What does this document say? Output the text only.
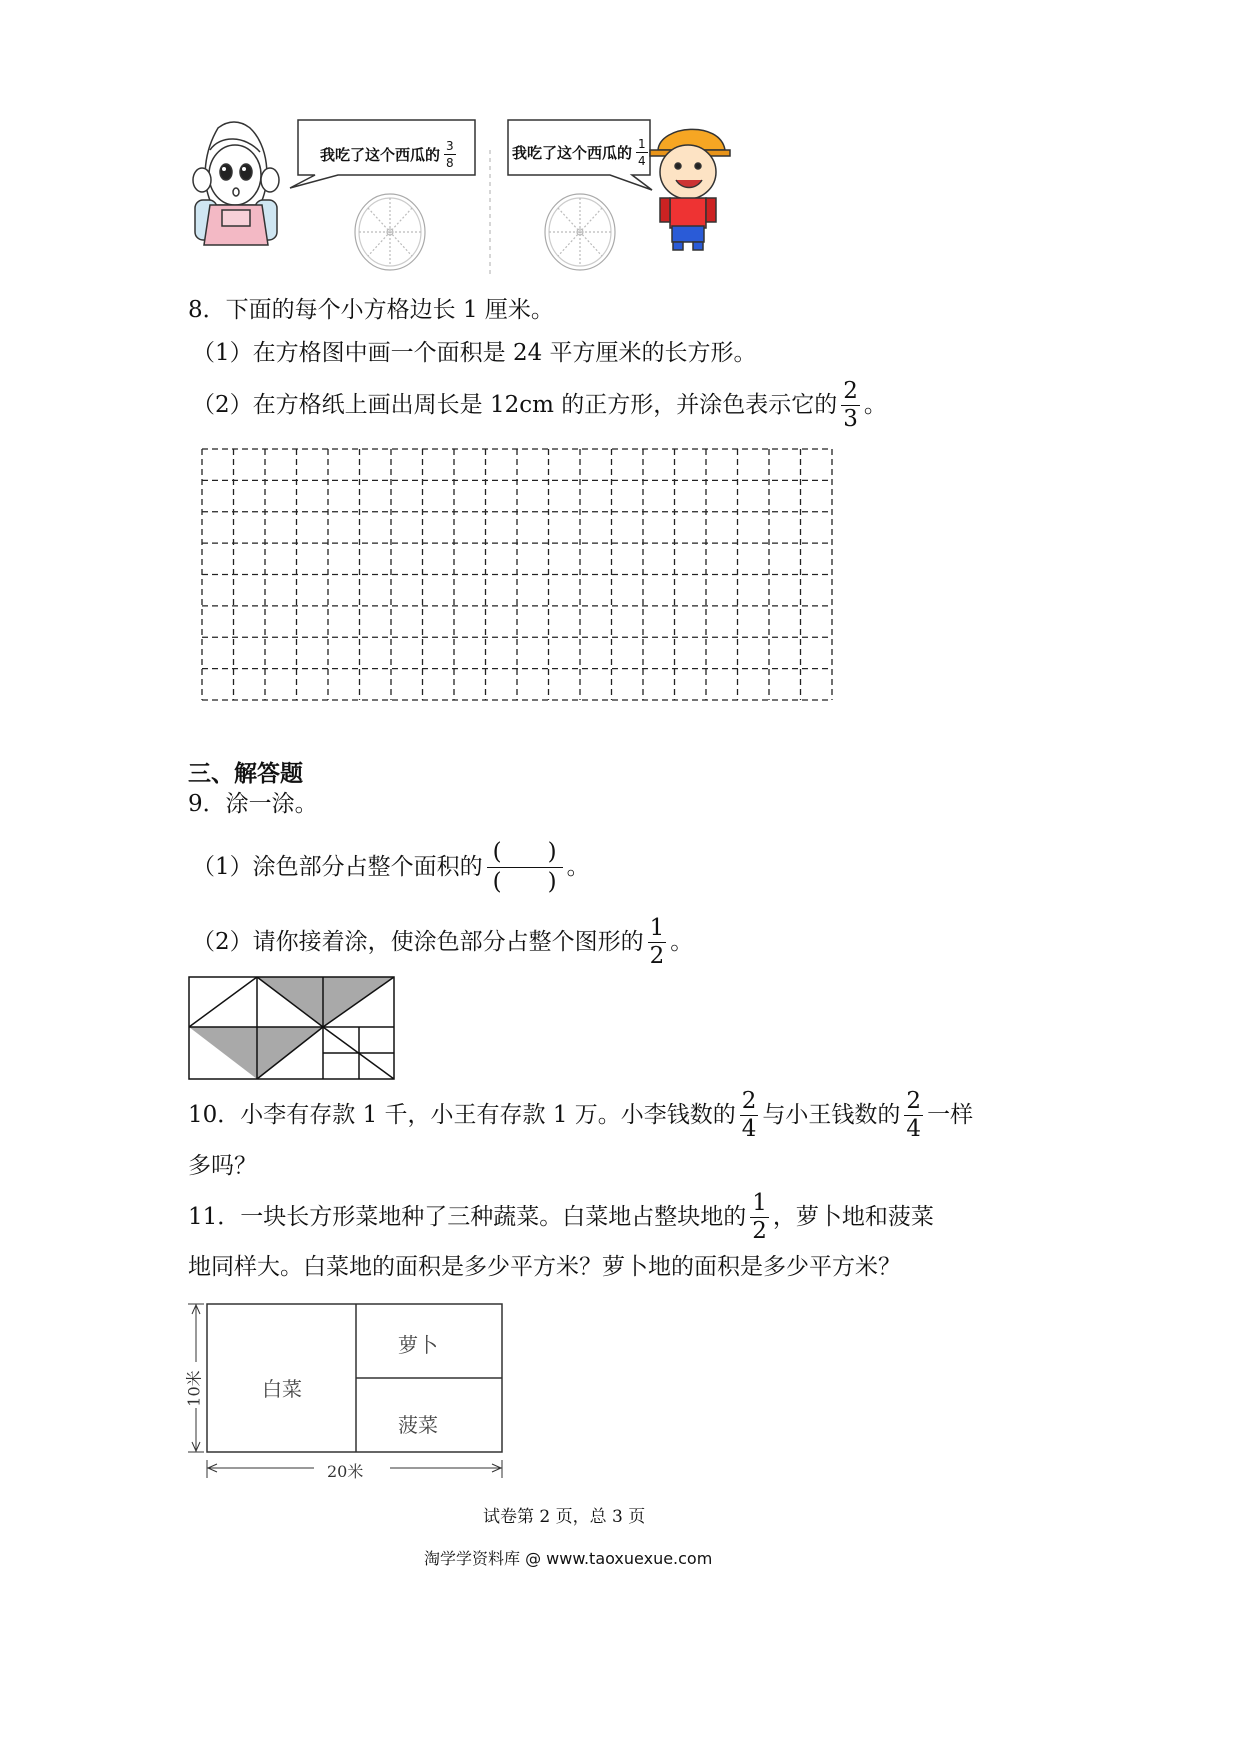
我吃了这个西瓜的 $\frac{3}{8}$	我吃了这个西瓜的 $\frac{1}{4}$
8．下面的每个小方格边长 1 厘米。
（1）在方格图中画一个面积是 24 平方厘米的长方形。
（2）在方格纸上画出周长是 12cm 的正方形，并涂色表示它的 $\frac{2}{3}$ 。
三、解答题
9．涂一涂。
（1）涂色部分占整个面积的 $\frac{( )}{( )}$ 。
（2）请你接着涂，使涂色部分占整个图形的 $\frac{1}{2}$ 。
10．小李有存款 1 千，小王有存款 1 万。小李钱数的 $\frac{2}{4}$ 与小王钱数的 $\frac{2}{4}$ 一样
多吗？
11．一块长方形菜地种了三种蔬菜。白菜地占整块地的 $\frac{1}{2}$ ，萝卜地和菠菜
地同样大。白菜地的面积是多少平方米？萝卜地的面积是多少平方米？
白菜
萝卜
菠菜
10米
20米
试卷第 2 页，总 3 页
淘学学资料库 @ www.taoxuexue.com
